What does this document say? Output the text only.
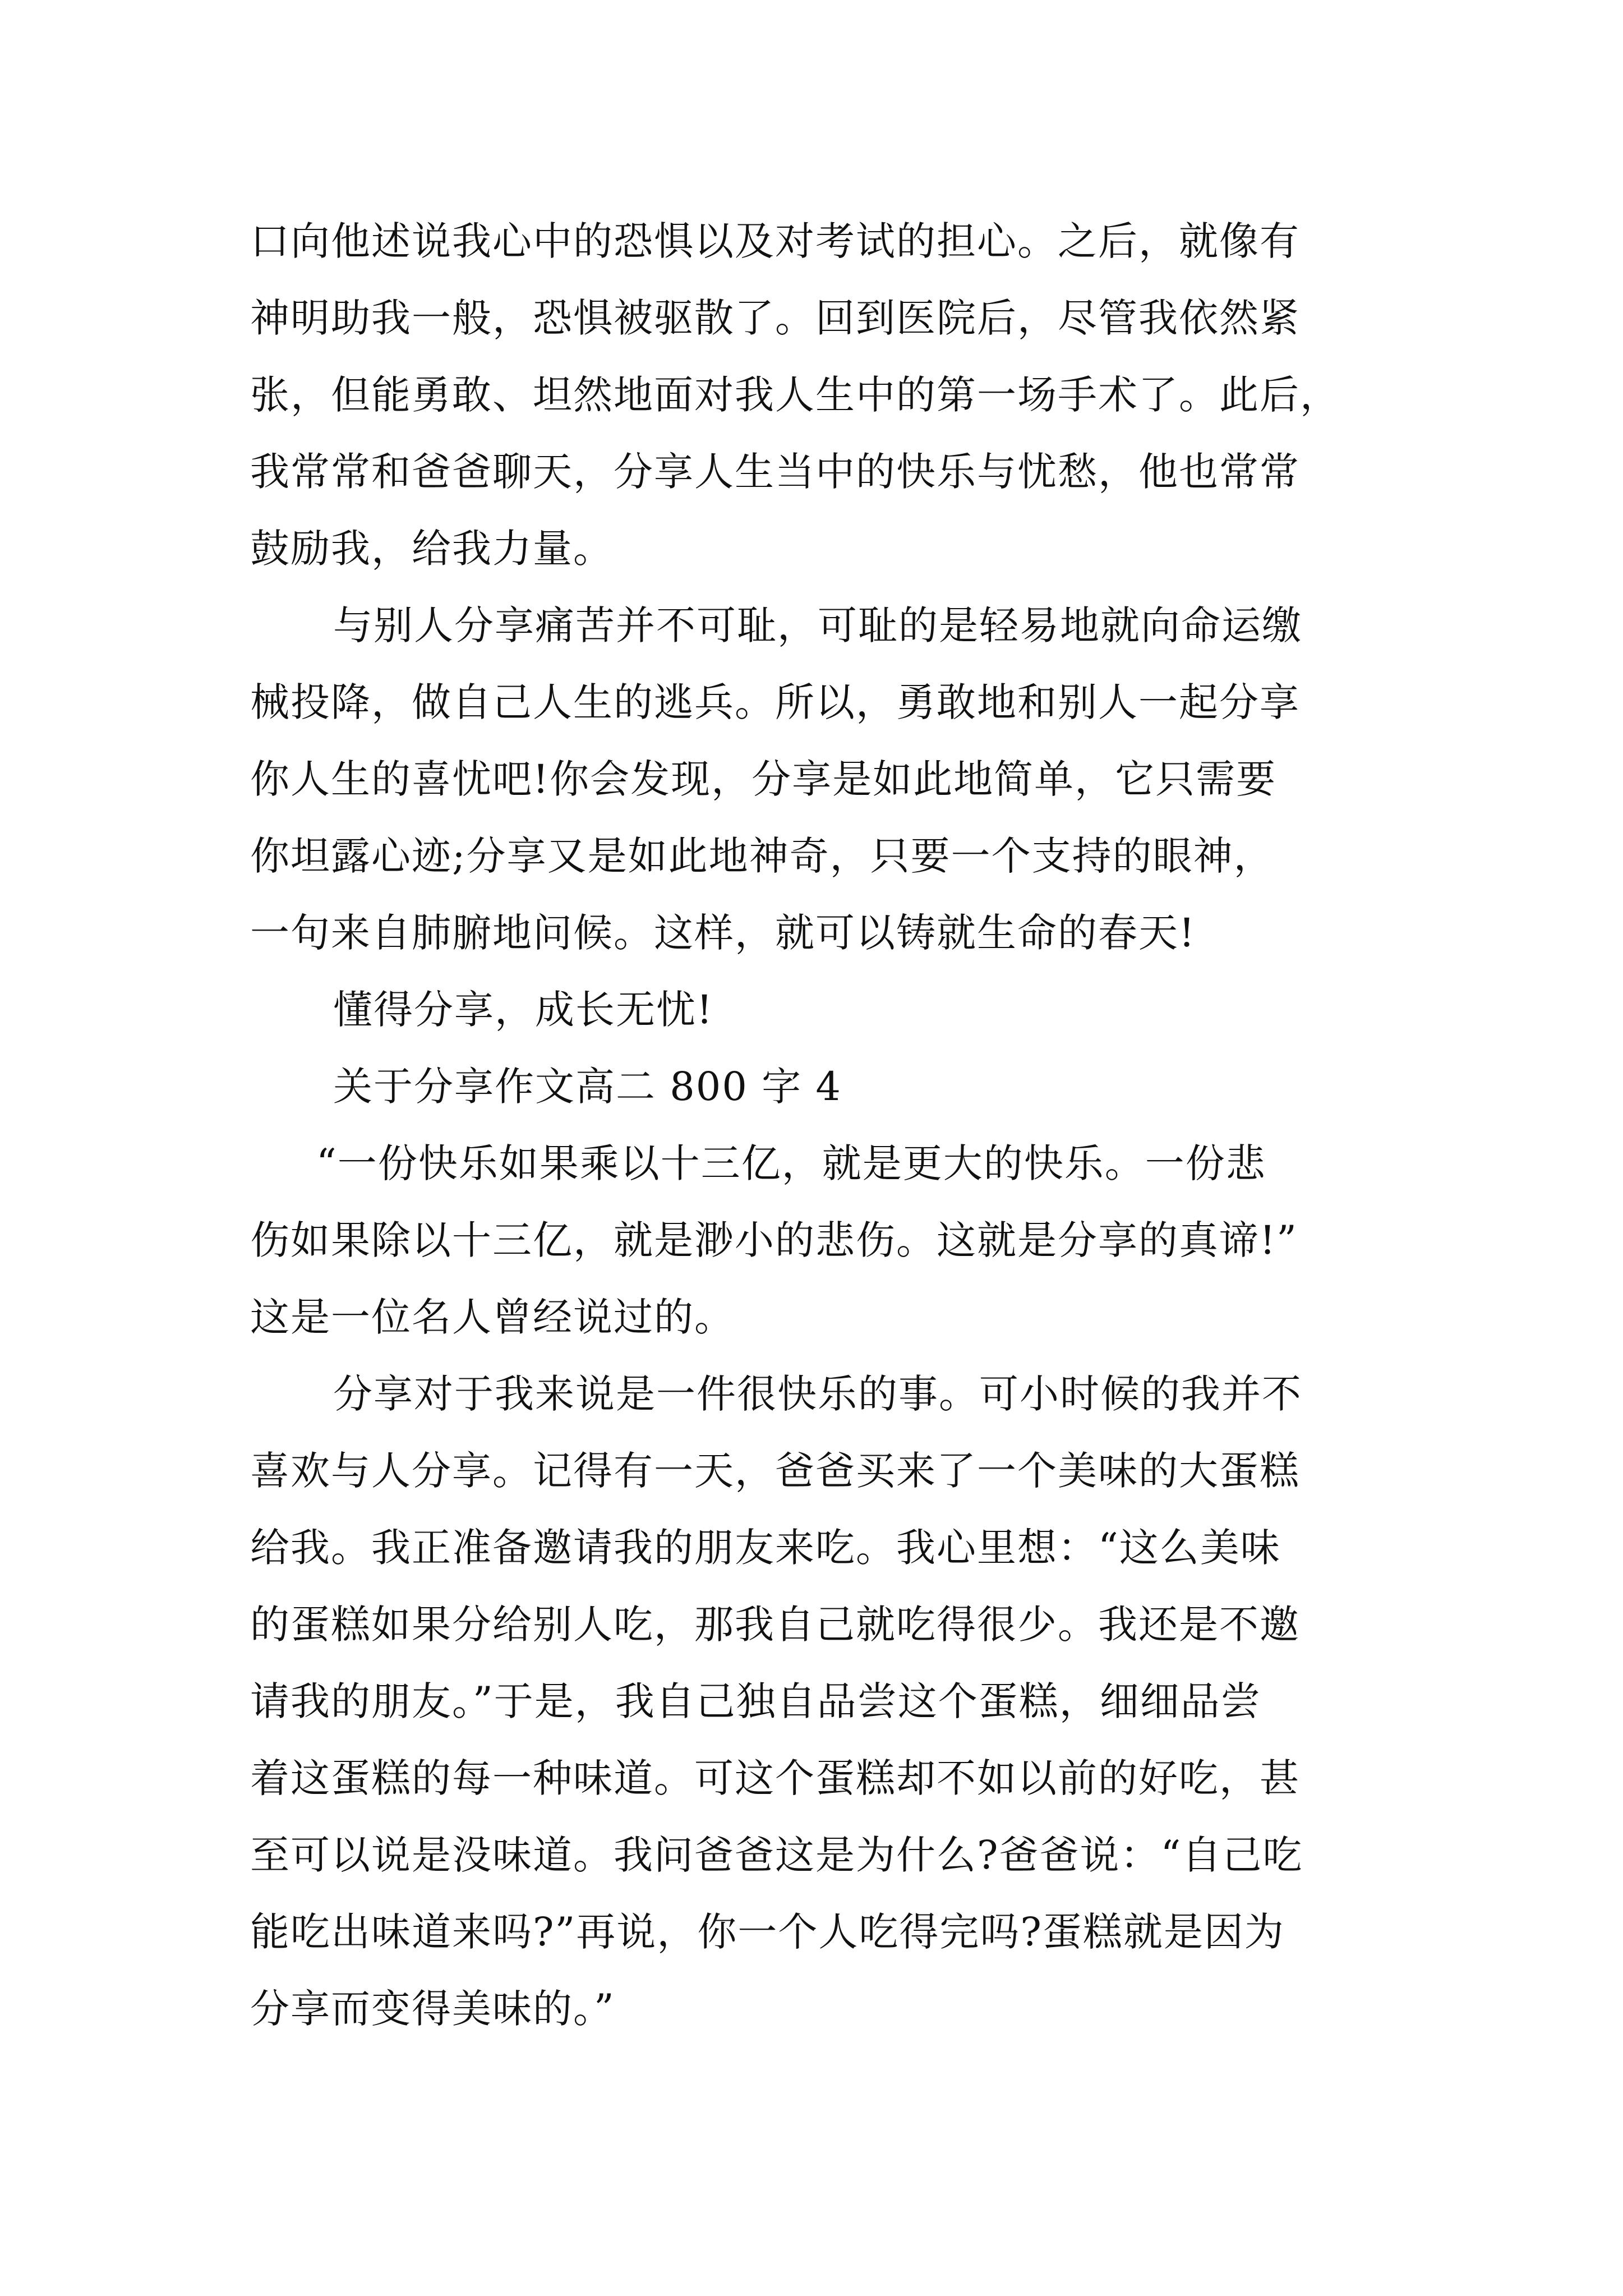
口向他述说我心中的恐惧以及对考试的担心。之后，就像有
神明助我一般，恐惧被驱散了。回到医院后，尽管我依然紧
张，但能勇敢、坦然地面对我人生中的第一场手术了。此后，
我常常和爸爸聊天，分享人生当中的快乐与忧愁，他也常常
鼓励我，给我力量。

与别人分享痛苦并不可耻，可耻的是轻易地就向命运缴
械投降，做自己人生的逃兵。所以，勇敢地和别人一起分享
你人生的喜忧吧!你会发现，分享是如此地简单，它只需要
你坦露心迹;分享又是如此地神奇，只要一个支持的眼神，
一句来自肺腑地问候。这样，就可以铸就生命的春天!

懂得分享，成长无忧!

关于分享作文高二 800 字 4

“一份快乐如果乘以十三亿，就是更大的快乐。一份悲
伤如果除以十三亿，就是渺小的悲伤。这就是分享的真谛!”
这是一位名人曾经说过的。

分享对于我来说是一件很快乐的事。可小时候的我并不
喜欢与人分享。记得有一天，爸爸买来了一个美味的大蛋糕
给我。我正准备邀请我的朋友来吃。我心里想：“这么美味
的蛋糕如果分给别人吃，那我自己就吃得很少。我还是不邀
请我的朋友。”于是，我自己独自品尝这个蛋糕，细细品尝
着这蛋糕的每一种味道。可这个蛋糕却不如以前的好吃，甚
至可以说是没味道。我问爸爸这是为什么?爸爸说：“自己吃
能吃出味道来吗?”再说，你一个人吃得完吗?蛋糕就是因为
分享而变得美味的。”
